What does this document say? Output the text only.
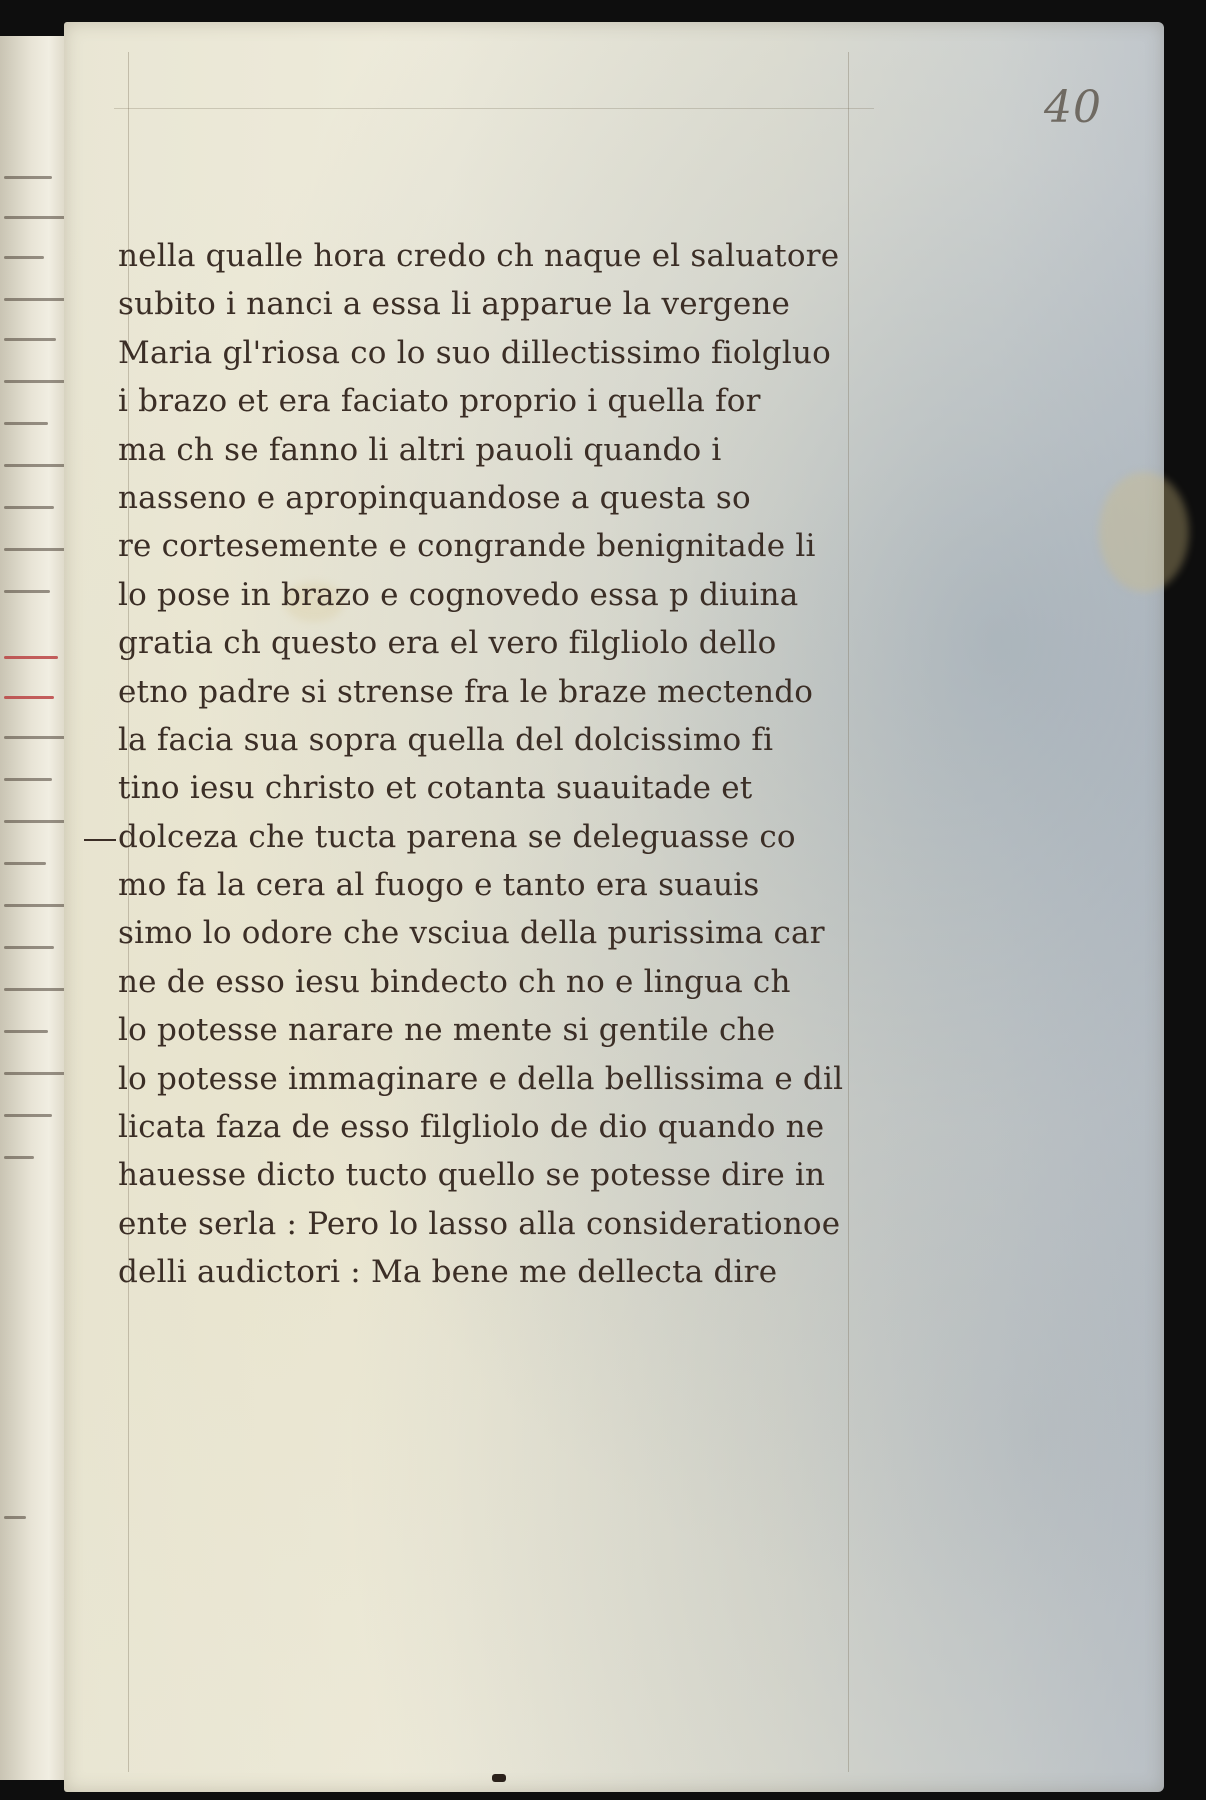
40
nella qualle hora credo ch naque el saluatore
subito i nanci a essa li apparue la vergene
Maria gl'riosa co lo suo dillectissimo fiolgluo
i brazo et era faciato proprio i quella for
ma ch se fanno li altri pauoli quando i
nasseno e apropinquandose a questa so
re cortesemente e congrande benignitade li
lo pose in brazo e cognovedo essa p diuina
gratia ch questo era el vero filgliolo dello
etno padre si strense fra le braze mectendo
la facia sua sopra quella del dolcissimo fi
tino iesu christo et cotanta suauitade et
dolceza che tucta parena se deleguasse co
mo fa la cera al fuogo e tanto era suauis
simo lo odore che vsciua della purissima car
ne de esso iesu bindecto ch no e lingua ch
lo potesse narare ne mente si gentile che
lo potesse immaginare e della bellissima e dil
licata faza de esso filgliolo de dio quando ne
hauesse dicto tucto quello se potesse dire in
ente serla : Pero lo lasso alla considerationoe
delli audictori : Ma bene me dellecta dire
